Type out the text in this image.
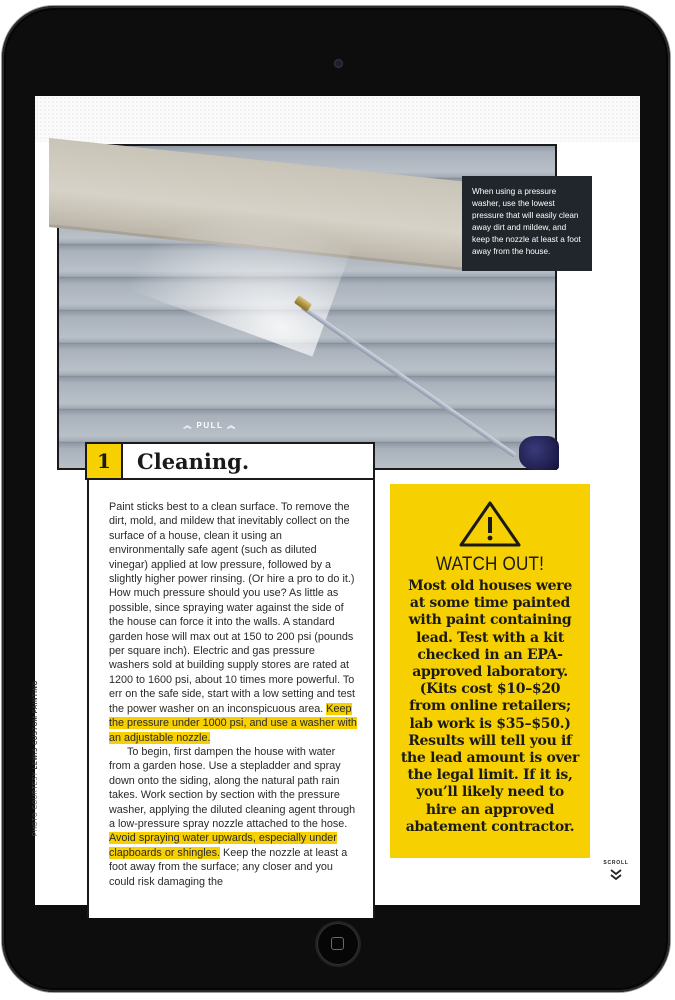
︽ PULL ︽
When using a pressure washer, use the lowest pressure that will easily clean away dirt and mildew, and keep the nozzle at least a foot away from the house.
1	Cleaning.

Paint sticks best to a clean surface. To remove the dirt, mold, and mildew that inevitably collect on the surface of a house, clean it using an environmentally safe agent (such as diluted vinegar) applied at low pressure, followed by a slightly higher power rinsing. (Or hire a pro to do it.) How much pressure should you use? As little as possible, since spraying water against the side of the house can force it into the walls. A standard garden hose will max out at 150 to 200 psi (pounds per square inch). Electric and gas pressure washers sold at building supply stores are rated at 1200 to 1600 psi, about 10 times more powerful. To err on the safe side, start with a low setting and test the power washer on an inconspicuous area. Keep the pressure under 1000 psi, and use a washer with an adjustable nozzle.

To begin, first dampen the house with water from a garden hose. Use a stepladder and spray down onto the siding, along the natural path rain takes. Work section by section with the pressure washer, applying the diluted cleaning agent through a low-pressure spray nozzle attached to the hose. Avoid spraying water upwards, especially under clapboards or shingles. Keep the nozzle at least a foot away from the surface; any closer and you could risk damaging the

PHOTO COURTESY LEWIS CUSTOM PAINTING
WATCH OUT!
Most old houses were at some time painted with paint containing lead. Test with a kit checked in an EPA-approved laboratory. (Kits cost $10–$20 from online retailers; lab work is $35–$50.) Results will tell you if the lead amount is over the legal limit. If it is, you’ll likely need to hire an approved abatement contractor.
SCROLL
